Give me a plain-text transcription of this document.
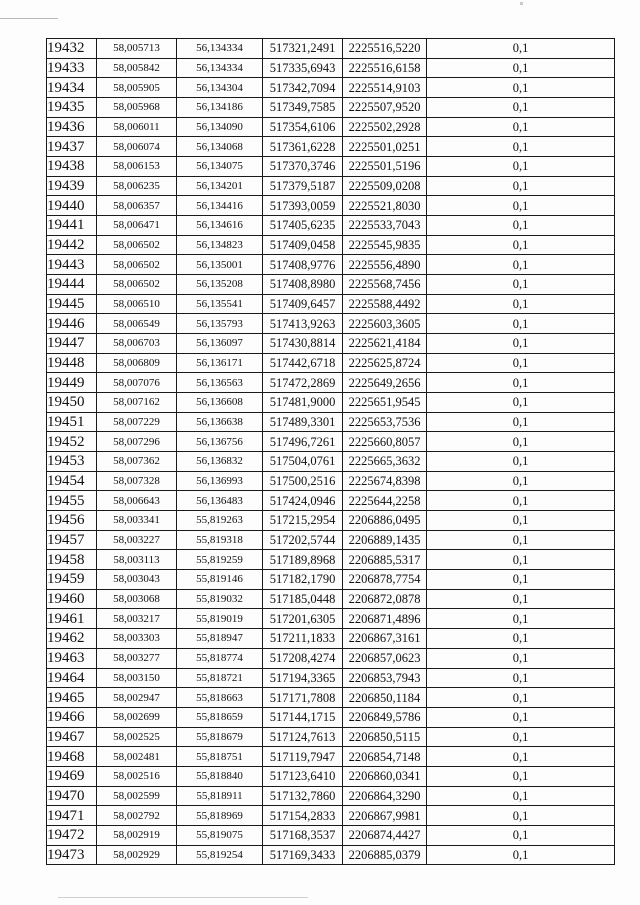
19432	58,005713	56,134334	517321,2491	2225516,5220	0,1
19433	58,005842	56,134334	517335,6943	2225516,6158	0,1
19434	58,005905	56,134304	517342,7094	2225514,9103	0,1
19435	58,005968	56,134186	517349,7585	2225507,9520	0,1
19436	58,006011	56,134090	517354,6106	2225502,2928	0,1
19437	58,006074	56,134068	517361,6228	2225501,0251	0,1
19438	58,006153	56,134075	517370,3746	2225501,5196	0,1
19439	58,006235	56,134201	517379,5187	2225509,0208	0,1
19440	58,006357	56,134416	517393,0059	2225521,8030	0,1
19441	58,006471	56,134616	517405,6235	2225533,7043	0,1
19442	58,006502	56,134823	517409,0458	2225545,9835	0,1
19443	58,006502	56,135001	517408,9776	2225556,4890	0,1
19444	58,006502	56,135208	517408,8980	2225568,7456	0,1
19445	58,006510	56,135541	517409,6457	2225588,4492	0,1
19446	58,006549	56,135793	517413,9263	2225603,3605	0,1
19447	58,006703	56,136097	517430,8814	2225621,4184	0,1
19448	58,006809	56,136171	517442,6718	2225625,8724	0,1
19449	58,007076	56,136563	517472,2869	2225649,2656	0,1
19450	58,007162	56,136608	517481,9000	2225651,9545	0,1
19451	58,007229	56,136638	517489,3301	2225653,7536	0,1
19452	58,007296	56,136756	517496,7261	2225660,8057	0,1
19453	58,007362	56,136832	517504,0761	2225665,3632	0,1
19454	58,007328	56,136993	517500,2516	2225674,8398	0,1
19455	58,006643	56,136483	517424,0946	2225644,2258	0,1
19456	58,003341	55,819263	517215,2954	2206886,0495	0,1
19457	58,003227	55,819318	517202,5744	2206889,1435	0,1
19458	58,003113	55,819259	517189,8968	2206885,5317	0,1
19459	58,003043	55,819146	517182,1790	2206878,7754	0,1
19460	58,003068	55,819032	517185,0448	2206872,0878	0,1
19461	58,003217	55,819019	517201,6305	2206871,4896	0,1
19462	58,003303	55,818947	517211,1833	2206867,3161	0,1
19463	58,003277	55,818774	517208,4274	2206857,0623	0,1
19464	58,003150	55,818721	517194,3365	2206853,7943	0,1
19465	58,002947	55,818663	517171,7808	2206850,1184	0,1
19466	58,002699	55,818659	517144,1715	2206849,5786	0,1
19467	58,002525	55,818679	517124,7613	2206850,5115	0,1
19468	58,002481	55,818751	517119,7947	2206854,7148	0,1
19469	58,002516	55,818840	517123,6410	2206860,0341	0,1
19470	58,002599	55,818911	517132,7860	2206864,3290	0,1
19471	58,002792	55,818969	517154,2833	2206867,9981	0,1
19472	58,002919	55,819075	517168,3537	2206874,4427	0,1
19473	58,002929	55,819254	517169,3433	2206885,0379	0,1
